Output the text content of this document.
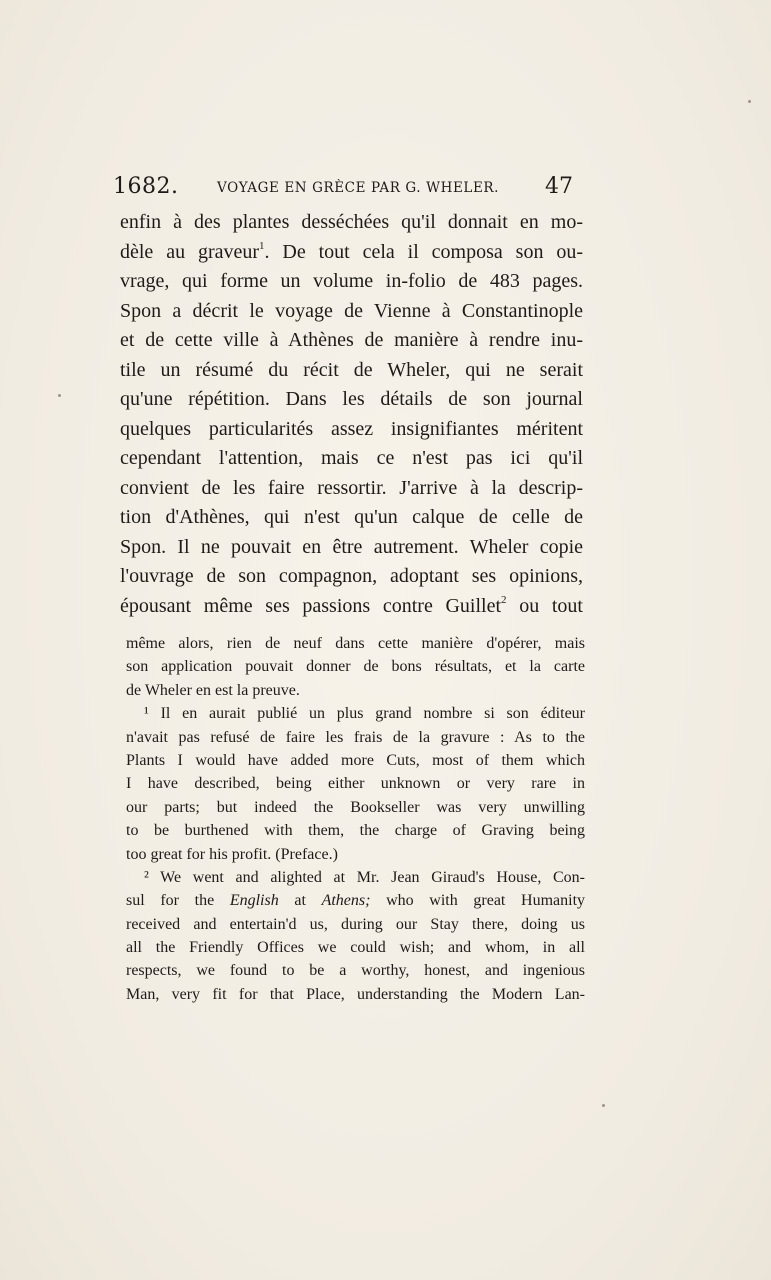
1682.	VOYAGE EN GRÈCE PAR G. WHELER. 47
enfin à des plantes desséchées qu'il donnait en mo-
dèle au graveur$^1$. De tout cela il composa son ou-
vrage, qui forme un volume in-folio de 483 pages.
Spon a décrit le voyage de Vienne à Constantinople
et de cette ville à Athènes de manière à rendre inu-
tile un résumé du récit de Wheler, qui ne serait
qu'une répétition. Dans les détails de son journal
quelques particularités assez insignifiantes méritent
cependant l'attention, mais ce n'est pas ici qu'il
convient de les faire ressortir. J'arrive à la descrip-
tion d'Athènes, qui n'est qu'un calque de celle de
Spon. Il ne pouvait en être autrement. Wheler copie
l'ouvrage de son compagnon, adoptant ses opinions,
épousant même ses passions contre Guillet$^2$ ou tout
même alors, rien de neuf dans cette manière d'opérer, mais
son application pouvait donner de bons résultats, et la carte
de Wheler en est la preuve.
¹ Il en aurait publié un plus grand nombre si son éditeur
n'avait pas refusé de faire les frais de la gravure : As to the
Plants I would have added more Cuts, most of them which
I have described, being either unknown or very rare in
our parts; but indeed the Bookseller was very unwilling
to be burthened with them, the charge of Graving being
too great for his profit. (Preface.)
² We went and alighted at Mr. Jean Giraud's House, Con-
sul for the English at Athens; who with great Humanity
received and entertain'd us, during our Stay there, doing us
all the Friendly Offices we could wish; and whom, in all
respects, we found to be a worthy, honest, and ingenious
Man, very fit for that Place, understanding the Modern Lan-
